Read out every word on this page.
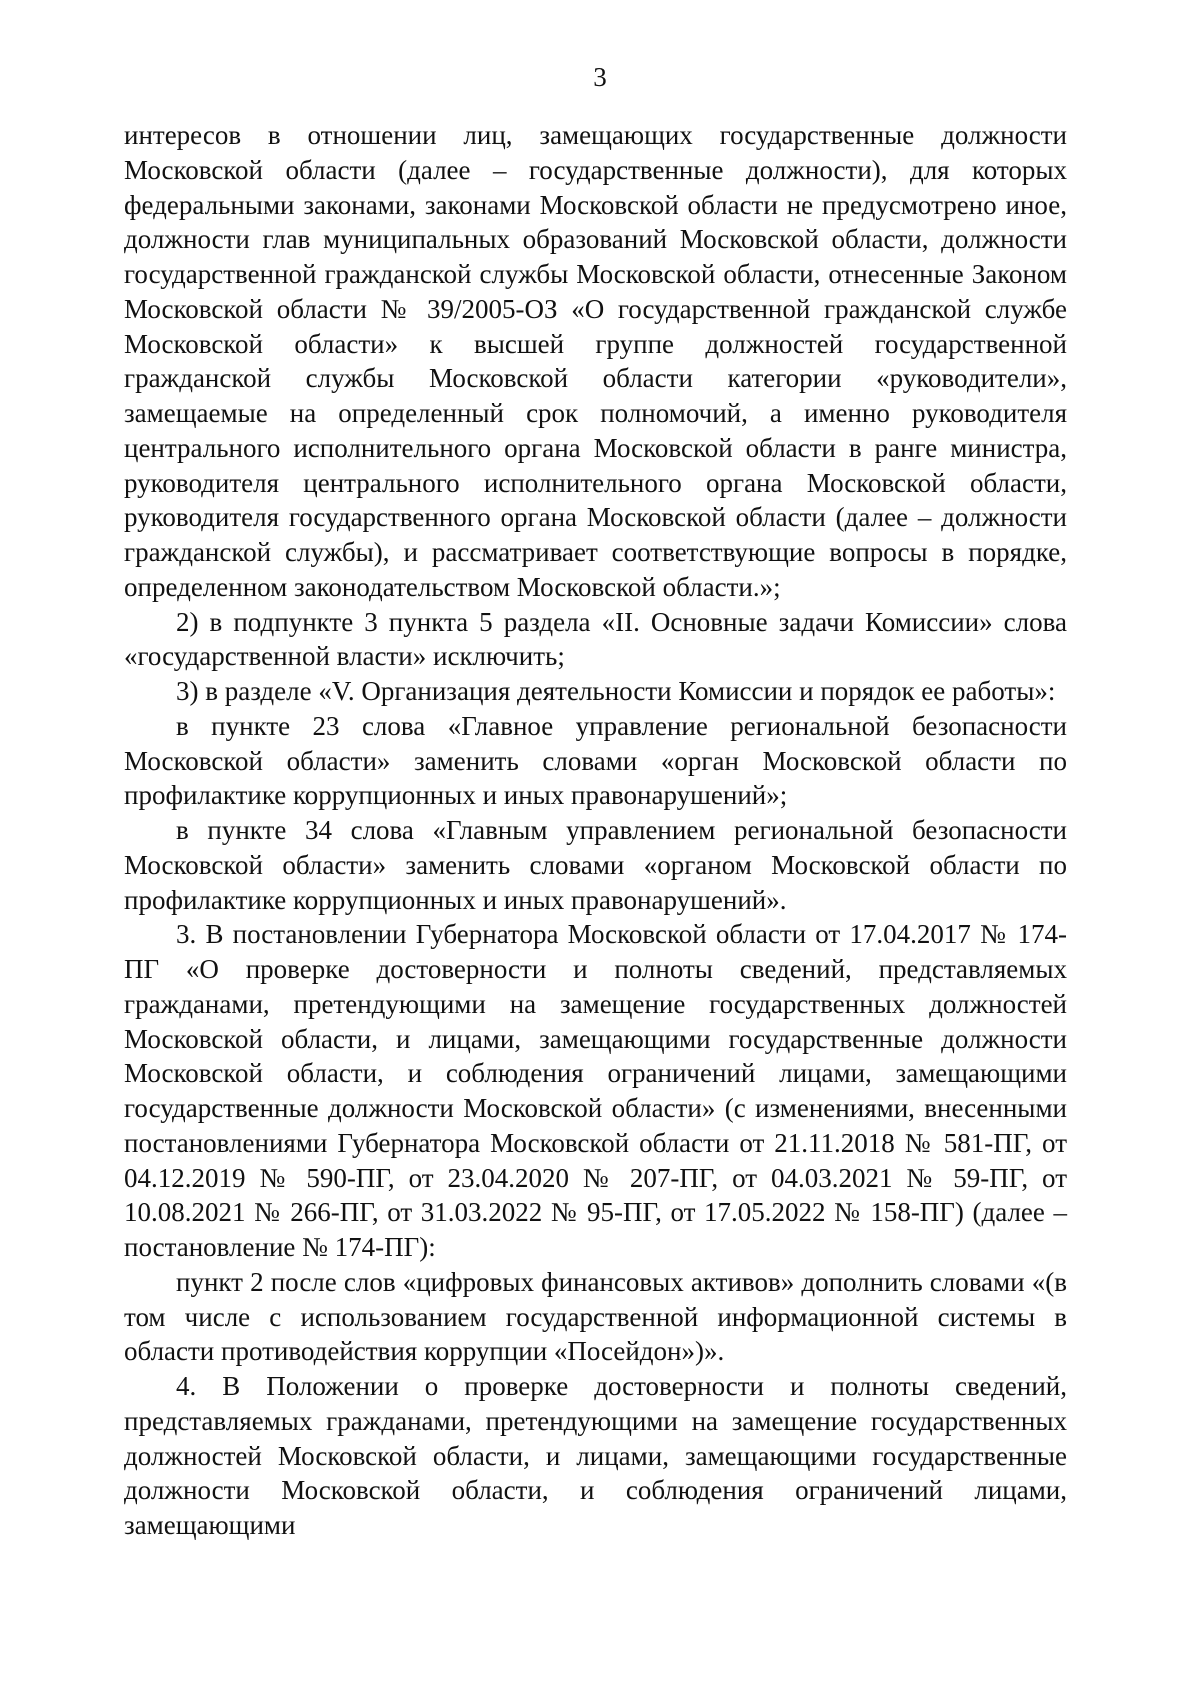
3

интересов в отношении лиц, замещающих государственные должности Московской области (далее – государственные должности), для которых федеральными законами, законами Московской области не предусмотрено иное, должности глав муниципальных образований Московской области, должности государственной гражданской службы Московской области, отнесенные Законом Московской области № 39/2005-ОЗ «О государственной гражданской службе Московской области» к высшей группе должностей государственной гражданской службы Московской области категории «руководители», замещаемые на определенный срок полномочий, а именно руководителя центрального исполнительного органа Московской области в ранге министра, руководителя центрального исполнительного органа Московской области, руководителя государственного органа Московской области (далее – должности гражданской службы), и рассматривает соответствующие вопросы в порядке, определенном законодательством Московской области.»;

2) в подпункте 3 пункта 5 раздела «II. Основные задачи Комиссии» слова «государственной власти» исключить;

3) в разделе «V. Организация деятельности Комиссии и порядок ее работы»:

в пункте 23 слова «Главное управление региональной безопасности Московской области» заменить словами «орган Московской области по профилактике коррупционных и иных правонарушений»;

в пункте 34 слова «Главным управлением региональной безопасности Московской области» заменить словами «органом Московской области по профилактике коррупционных и иных правонарушений».

3. В постановлении Губернатора Московской области от 17.04.2017 № 174-ПГ «О проверке достоверности и полноты сведений, представляемых гражданами, претендующими на замещение государственных должностей Московской области, и лицами, замещающими государственные должности Московской области, и соблюдения ограничений лицами, замещающими государственные должности Московской области» (с изменениями, внесенными постановлениями Губернатора Московской области от 21.11.2018 № 581-ПГ, от 04.12.2019 № 590-ПГ, от 23.04.2020 № 207-ПГ, от 04.03.2021 № 59-ПГ, от 10.08.2021 № 266-ПГ, от 31.03.2022 № 95-ПГ, от 17.05.2022 № 158-ПГ) (далее – постановление № 174-ПГ):

пункт 2 после слов «цифровых финансовых активов» дополнить словами «(в том числе с использованием государственной информационной системы в области противодействия коррупции «Посейдон»)».

4. В Положении о проверке достоверности и полноты сведений, представляемых гражданами, претендующими на замещение государственных должностей Московской области, и лицами, замещающими государственные должности Московской области, и соблюдения ограничений лицами, замещающими
